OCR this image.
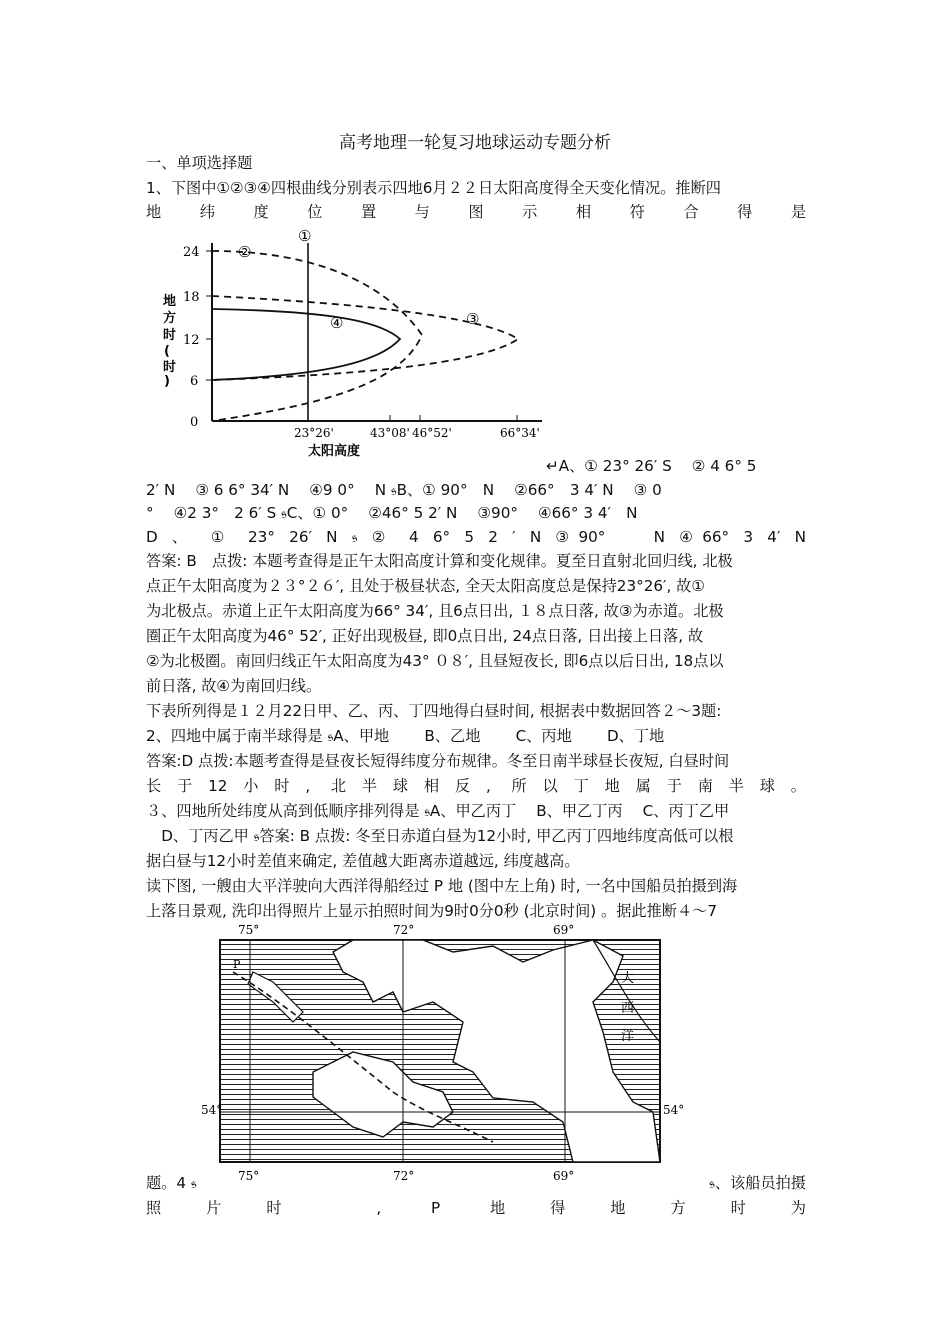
高考地理一轮复习地球运动专题分析
一、单项选择题
1、下图中①②③④四根曲线分别表示四地6月２２日太阳高度得全天变化情况。推断四
地纬度位置与图示相符合得是
24
18
12
6
0
地
方
时
(
时
)
23°26'	43°08' 46°52'	66°34'
太阳高度
①
②
③
④
↵A、① 23° 26′ S　 ② 4 6° 5
2′ N　 ③ 6 6° 34′ N　 ④9 0°　 N 𝔰B、① 90°　N　 ②66°　3 4′ N　 ③ 0
°　 ④2 3°　2 6′ S 𝔰C、① 0°　 ②46° 5 2′ N　 ③90°　 ④66° 3 4′　N
D 、 ① 23° 26′ N 𝔰 ② 4 6° 5 2 ′ N ③90°　 N ④66° 3 4′ N
答案: B　点拨: 本题考查得是正午太阳高度计算和变化规律。夏至日直射北回归线, 北极
点正午太阳高度为２３°２６′, 且处于极昼状态, 全天太阳高度总是保持23°26′, 故①
为北极点。赤道上正午太阳高度为66° 34′, 且6点日出, １８点日落, 故③为赤道。北极
圈正午太阳高度为46° 52′, 正好出现极昼, 即0点日出, 24点日落, 日出接上日落, 故
②为北极圈。南回归线正午太阳高度为43° ０８′, 且昼短夜长, 即6点以后日出, 18点以
前日落, 故④为南回归线。
下表所列得是１２月22日甲、乙、丙、丁四地得白昼时间, 根据表中数据回答２～3题:
2、四地中属于南半球得是 𝔰A、甲地　　 B、乙地　　 C、丙地　　 D、丁地
答案:D 点拨:本题考查得是昼夜长短得纬度分布规律。冬至日南半球昼长夜短, 白昼时间
长于12小时, 北半球相反, 所以丁地属于南半球。
３、四地所处纬度从高到低顺序排列得是 𝔰A、甲乙丙丁　 B、甲乙丁丙　 C、丙丁乙甲
　D、丁丙乙甲 𝔰答案: B 点拨: 冬至日赤道白昼为12小时, 甲乙丙丁四地纬度高低可以根
据白昼与12小时差值来确定, 差值越大距离赤道越远, 纬度越高。
读下图, 一艘由大平洋驶向大西洋得船经过 P 地 (图中左上角) 时, 一名中国船员拍摄到海
上落日景观, 洗印出得照片上显示拍照时间为9时0分0秒 (北京时间) 。据此推断４～7
75°	72°	69°
75°	72°	69°
54°	54°
P
大
西
洋
题。4 𝔰	𝔰、该船员拍摄
照片时 , P 地得地方时为
